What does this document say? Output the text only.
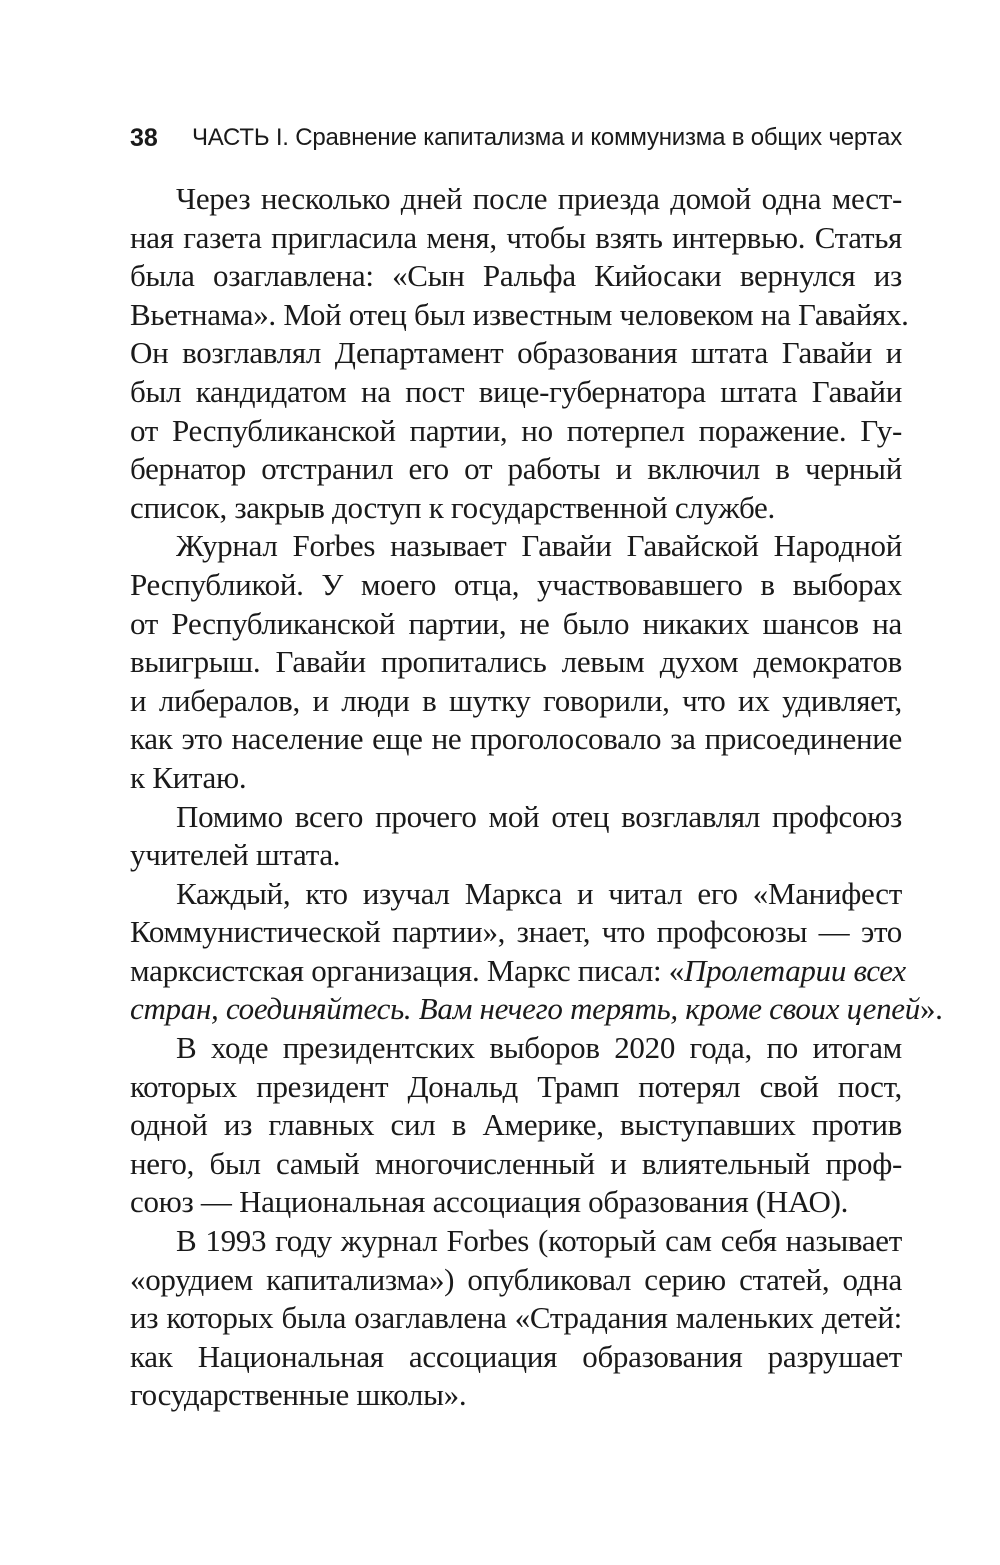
38 ЧАСТЬ I. Сравнение капитализма и коммунизма в общих чертах
Через несколько дней после приезда домой одна мест-
ная газета пригласила меня, чтобы взять интервью. Статья
была озаглавлена: «Сын Ральфа Кийосаки вернулся из
Вьетнама». Мой отец был известным человеком на Гавайях.
Он возглавлял Департамент образования штата Гавайи и
был кандидатом на пост вице-губернатора штата Гавайи
от Республиканской партии, но потерпел поражение. Гу-
бернатор отстранил его от работы и включил в черный
список, закрыв доступ к государственной службе.
Журнал Forbes называет Гавайи Гавайской Народной
Республикой. У моего отца, участвовавшего в выборах
от Республиканской партии, не было никаких шансов на
выигрыш. Гавайи пропитались левым духом демократов
и либералов, и люди в шутку говорили, что их удивляет,
как это население еще не проголосовало за присоединение
к Китаю.
Помимо всего прочего мой отец возглавлял профсоюз
учителей штата.
Каждый, кто изучал Маркса и читал его «Манифест
Коммунистической партии», знает, что профсоюзы — это
марксистская организация. Маркс писал: «Пролетарии всех
стран, соединяйтесь. Вам нечего терять, кроме своих цепей».
В ходе президентских выборов 2020 года, по итогам
которых президент Дональд Трамп потерял свой пост,
одной из главных сил в Америке, выступавших против
него, был самый многочисленный и влиятельный проф-
союз — Национальная ассоциация образования (НАО).
В 1993 году журнал Forbes (который сам себя называет
«орудием капитализма») опубликовал серию статей, одна
из которых была озаглавлена «Страдания маленьких детей:
как Национальная ассоциация образования разрушает
государственные школы».
